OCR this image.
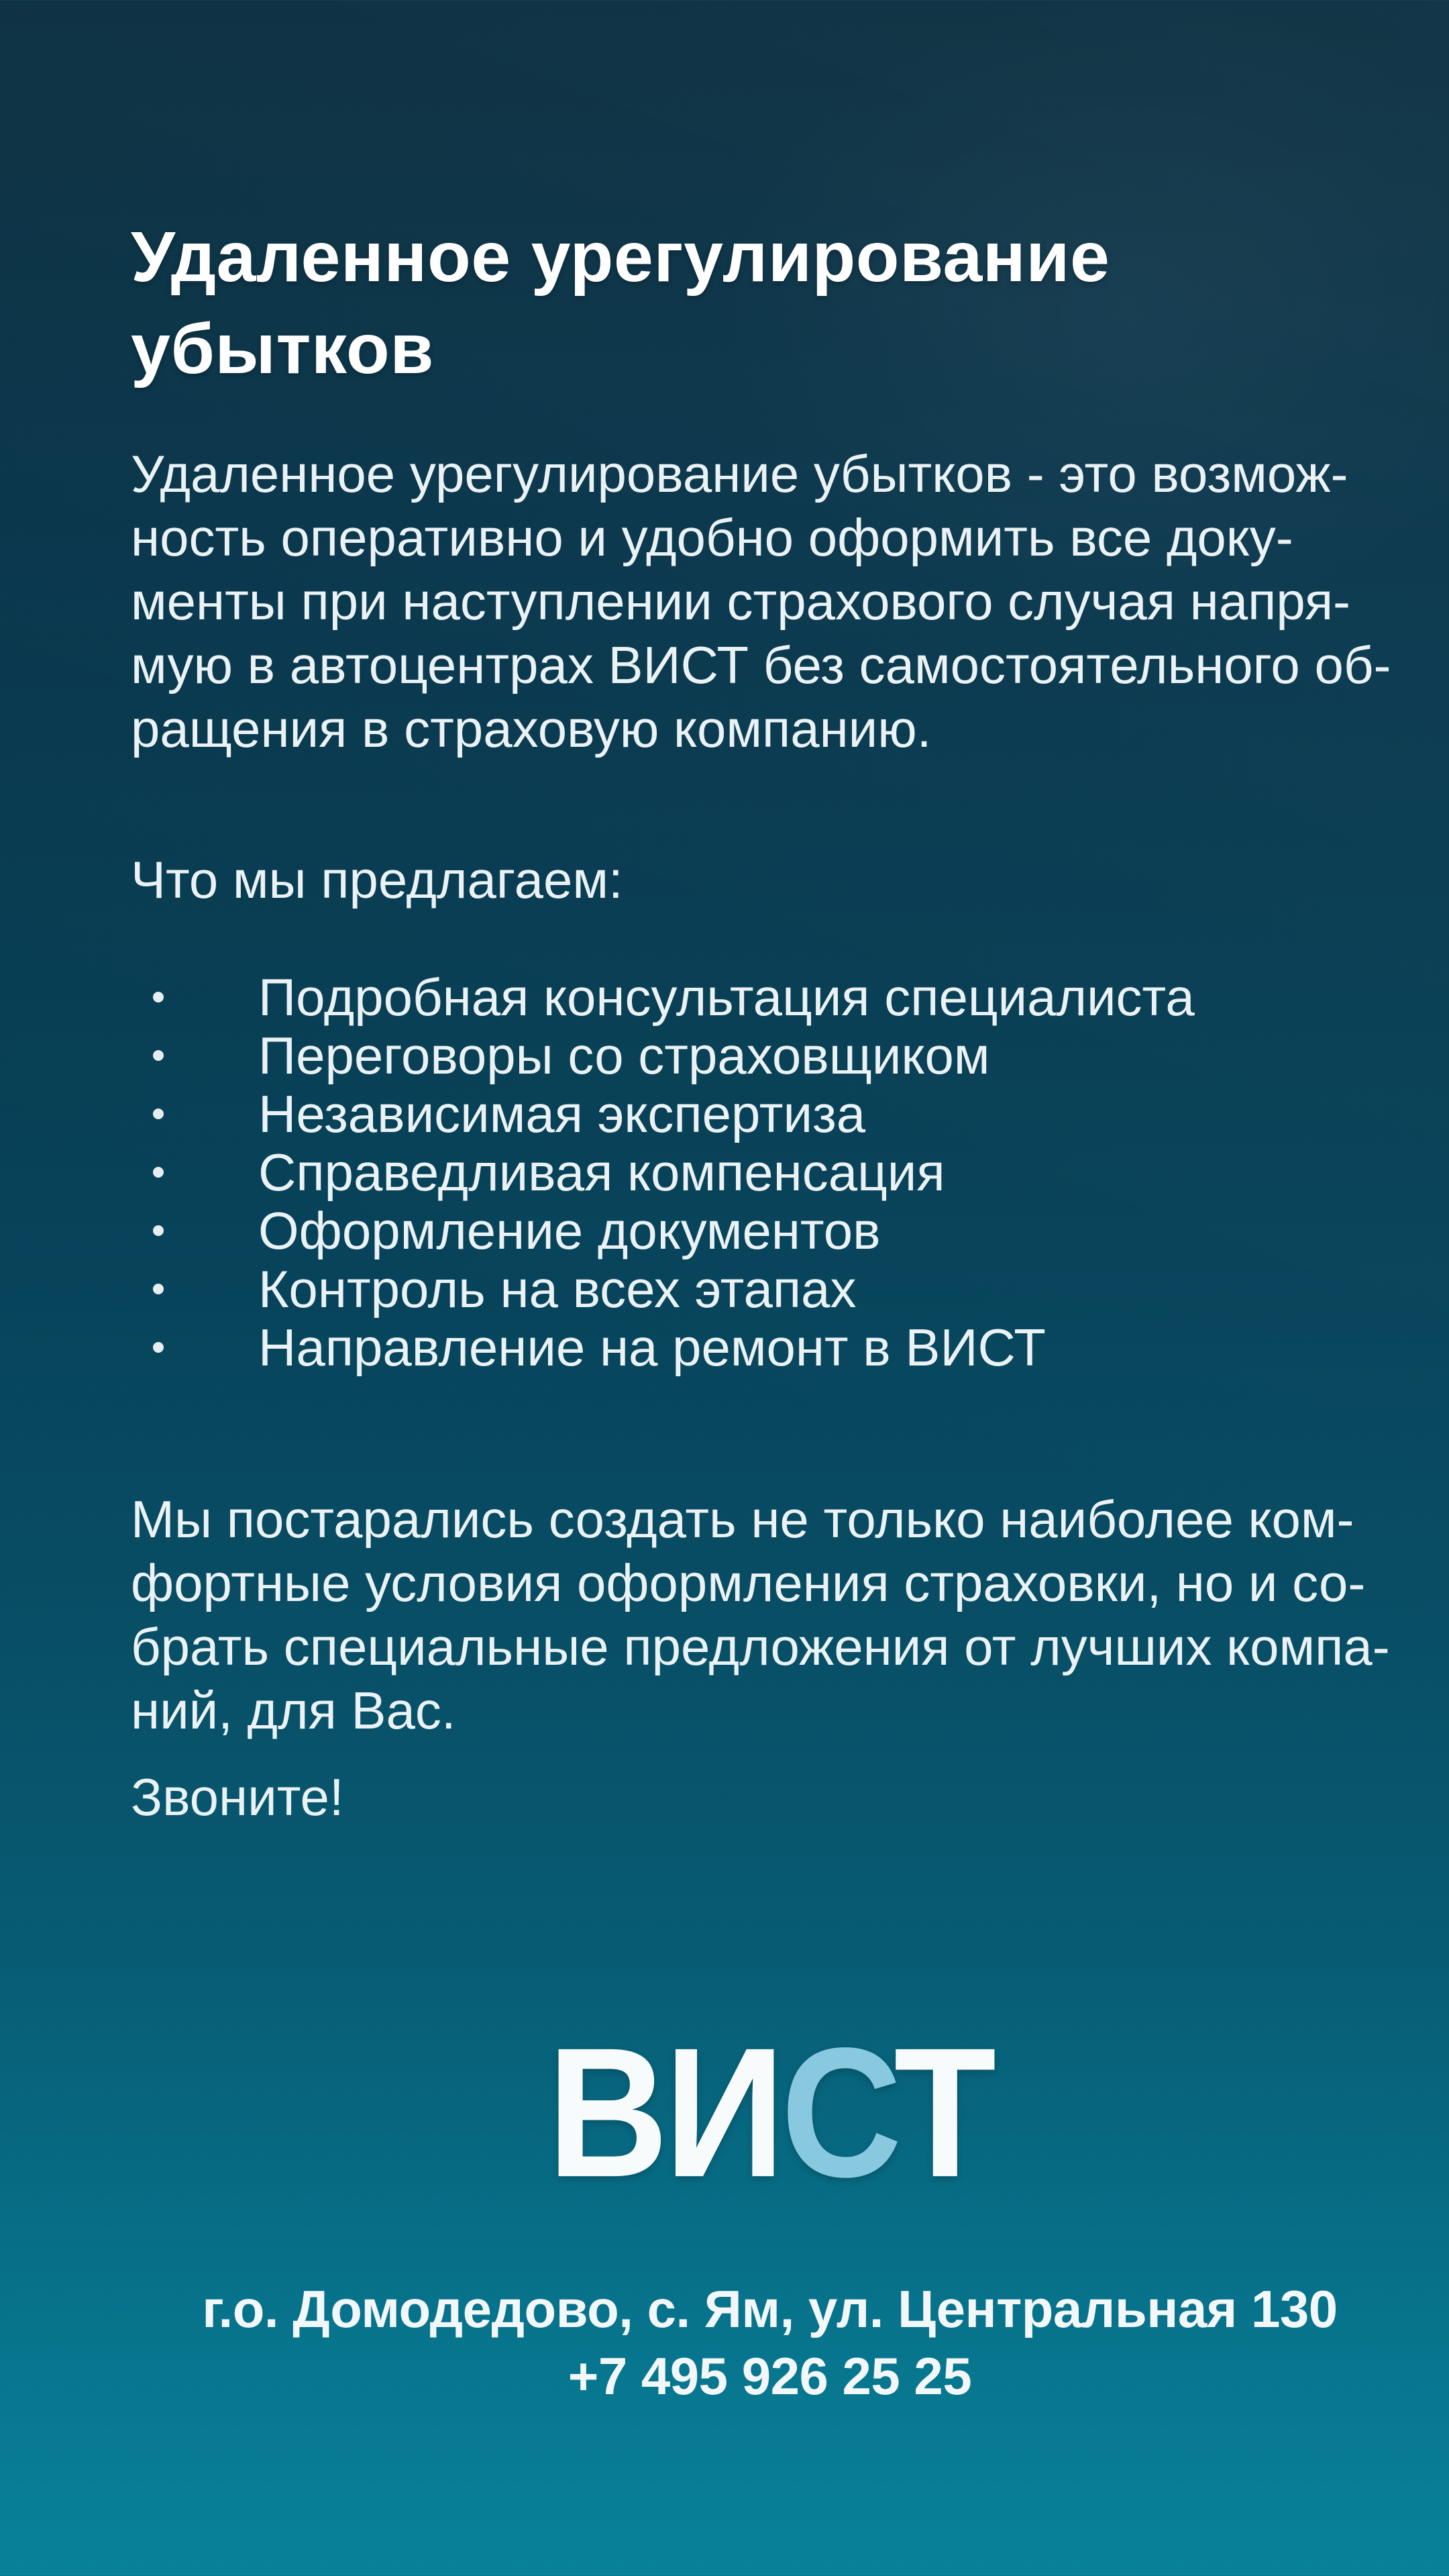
Удаленное урегулирование
убытков

Удаленное урегулирование убытков - это возмож-
ность оперативно и удобно оформить все доку-
менты при наступлении страхового случая напря-
мую в автоцентрах ВИСТ без самостоятельного об-
ращения в страховую компанию.

Что мы предлагаем:

Подробная консультация специалиста
Переговоры со страховщиком
Независимая экспертиза
Справедливая компенсация
Оформление документов
Контроль на всех этапах
Направление на ремонт в ВИСТ

Мы постарались создать не только наиболее ком-
фортные условия оформления страховки, но и со-
брать специальные предложения от лучших компа-
ний, для Вас.

Звоните!

ВИСТ
г.о. Домодедово, с. Ям, ул. Центральная 130
+7 495 926 25 25
